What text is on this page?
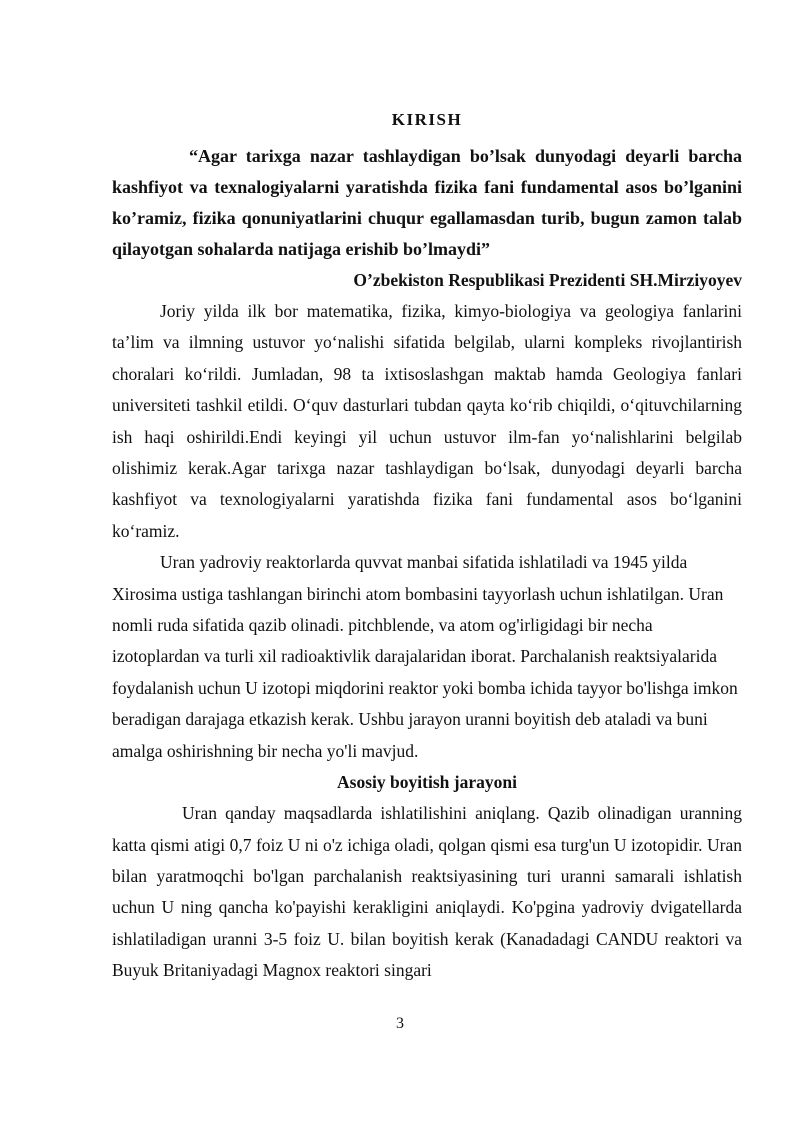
KIRISH

“Agar tarixga nazar tashlaydigan bo’lsak dunyodagi deyarli barcha kashfiyot va texnalogiyalarni yaratishda fizika fani fundamental asos bo’lganini ko’ramiz, fizika qonuniyatlarini chuqur egallamasdan turib, bugun zamon talab qilayotgan sohalarda natijaga erishib bo’lmaydi”

O’zbekiston Respublikasi Prezidenti SH.Mirziyoyev

Joriy yilda ilk bor matematika, fizika, kimyo-biologiya va geologiya fanlarini ta’lim va ilmning ustuvor yo‘nalishi sifatida belgilab, ularni kompleks rivojlantirish choralari ko‘rildi. Jumladan, 98 ta ixtisoslashgan maktab hamda Geologiya fanlari universiteti tashkil etildi. O‘quv dasturlari tubdan qayta ko‘rib chiqildi, o‘qituvchilarning ish haqi oshirildi.Endi keyingi yil uchun ustuvor ilm-fan yo‘nalishlarini belgilab olishimiz kerak.Agar tarixga nazar tashlaydigan bo‘lsak, dunyodagi deyarli barcha kashfiyot va texnologiyalarni yaratishda fizika fani fundamental asos bo‘lganini ko‘ramiz.

Uran yadroviy reaktorlarda quvvat manbai sifatida ishlatiladi va 1945 yilda Xirosima ustiga tashlangan birinchi atom bombasini tayyorlash uchun ishlatilgan. Uran nomli ruda sifatida qazib olinadi. pitchblende, va atom og'irligidagi bir necha izotoplardan va turli xil radioaktivlik darajalaridan iborat. Parchalanish reaktsiyalarida foydalanish uchun U izotopi miqdorini reaktor yoki bomba ichida tayyor bo'lishga imkon beradigan darajaga etkazish kerak. Ushbu jarayon uranni boyitish deb ataladi va buni amalga oshirishning bir necha yo'li mavjud.

Asosiy boyitish jarayoni

Uran qanday maqsadlarda ishlatilishini aniqlang. Qazib olinadigan uranning katta qismi atigi 0,7 foiz U ni o'z ichiga oladi, qolgan qismi esa turg'un U izotopidir. Uran bilan yaratmoqchi bo'lgan parchalanish reaktsiyasining turi uranni samarali ishlatish uchun U ning qancha ko'payishi kerakligini aniqlaydi. Ko'pgina yadroviy dvigatellarda ishlatiladigan uranni 3-5 foiz U. bilan boyitish kerak (Kanadadagi CANDU reaktori va Buyuk Britaniyadagi Magnox reaktori singari

3
